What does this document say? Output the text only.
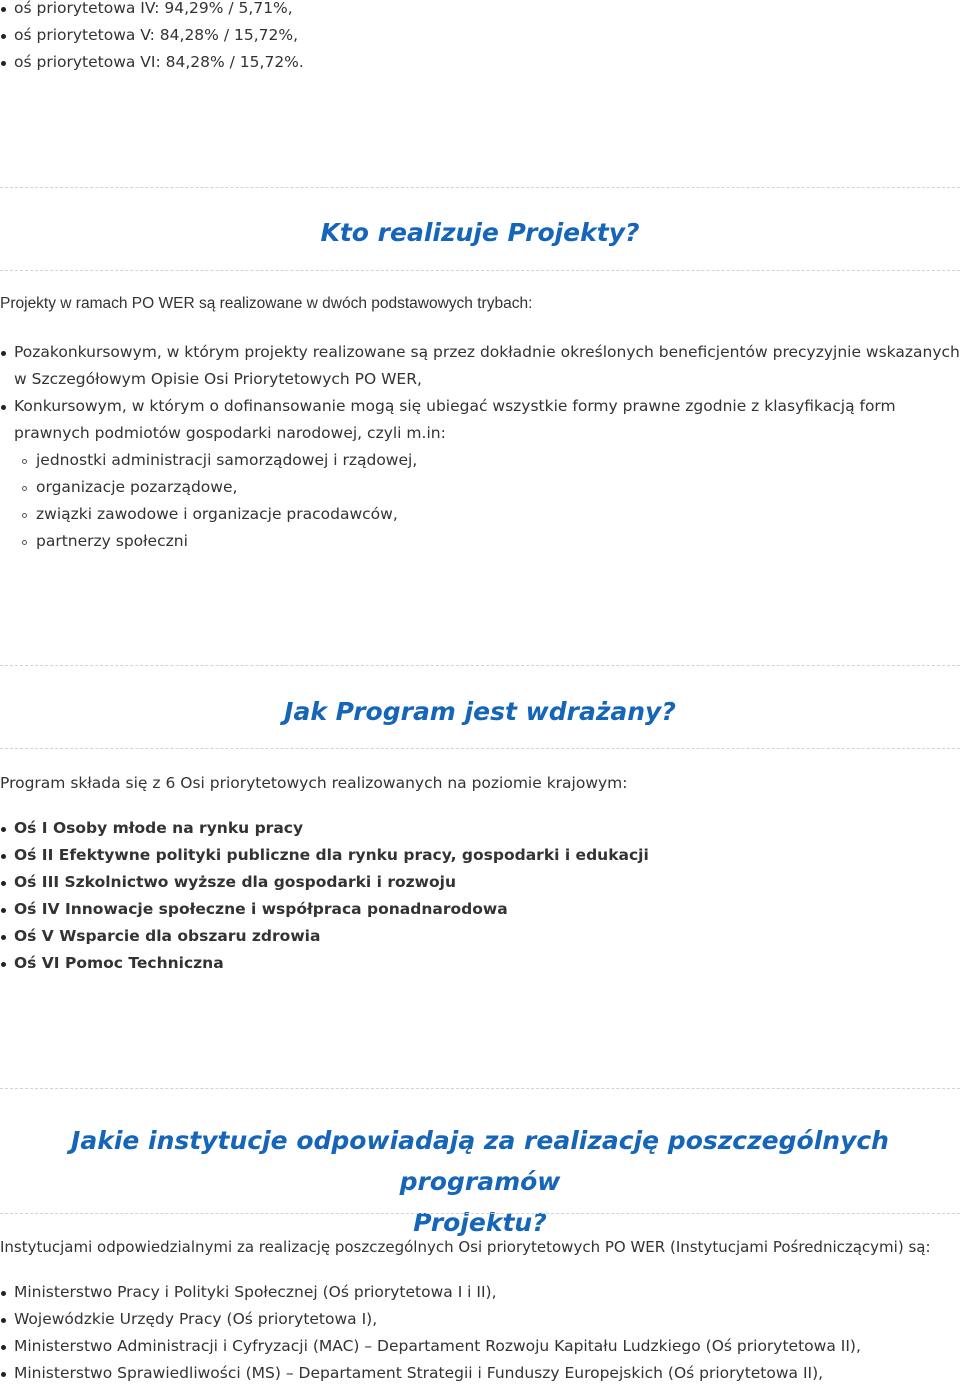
oś priorytetowa IV: 94,29% / 5,71%,
oś priorytetowa V: 84,28% / 15,72%,
oś priorytetowa VI: 84,28% / 15,72%.
Kto realizuje Projekty?

Projekty w ramach PO WER są realizowane w dwóch podstawowych trybach:

Pozakonkursowym, w którym projekty realizowane są przez dokładnie określonych beneficjentów precyzyjnie wskazanych w Szczegółowym Opisie Osi Priorytetowych PO WER,
Konkursowym, w którym o dofinansowanie mogą się ubiegać wszystkie formy prawne zgodnie z klasyfikacją form prawnych podmiotów gospodarki narodowej, czyli m.in:
jednostki administracji samorządowej i rządowej,
organizacje pozarządowe,
związki zawodowe i organizacje pracodawców,
partnerzy społeczni
Jak Program jest wdrażany?

Program składa się z 6 Osi priorytetowych realizowanych na poziomie krajowym:

Oś I Osoby młode na rynku pracy
Oś II Efektywne polityki publiczne dla rynku pracy, gospodarki i edukacji
Oś III Szkolnictwo wyższe dla gospodarki i rozwoju
Oś IV Innowacje społeczne i współpraca ponadnarodowa
Oś V Wsparcie dla obszaru zdrowia
Oś VI Pomoc Techniczna
Jakie instytucje odpowiadają za realizację poszczególnych programów
Projektu?

Instytucjami odpowiedzialnymi za realizację poszczególnych Osi priorytetowych PO WER (Instytucjami Pośredniczącymi) są:

Ministerstwo Pracy i Polityki Społecznej (Oś priorytetowa I i II),
Wojewódzkie Urzędy Pracy (Oś priorytetowa I),
Ministerstwo Administracji i Cyfryzacji (MAC) – Departament Rozwoju Kapitału Ludzkiego (Oś priorytetowa II),
Ministerstwo Sprawiedliwości (MS) – Departament Strategii i Funduszy Europejskich (Oś priorytetowa II),
